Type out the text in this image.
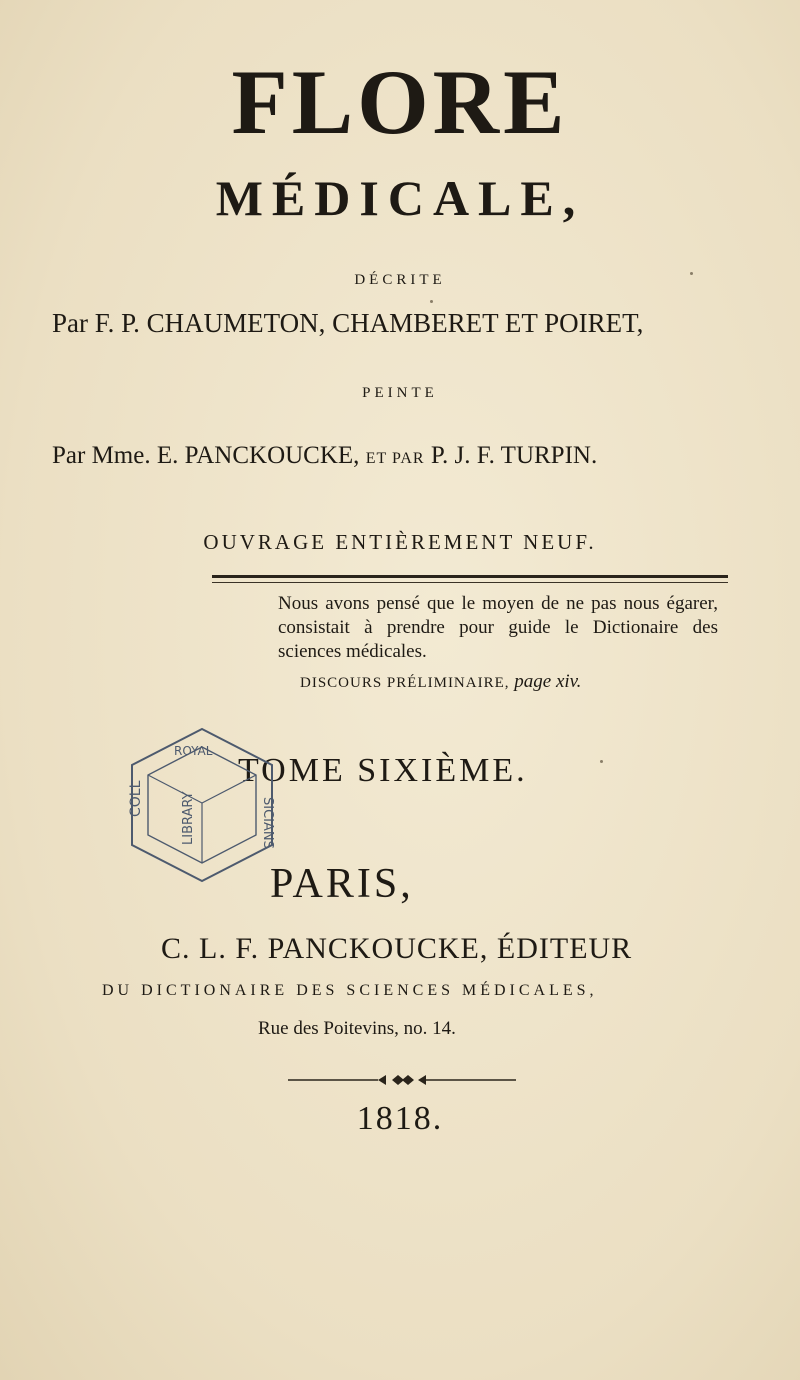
FLORE
MÉDICALE,
DÉCRITE
Par F. P. CHAUMETON, CHAMBERET ET POIRET,
PEINTE
Par Mme. E. PANCKOUCKE, ET PAR P. J. F. TURPIN.
OUVRAGE ENTIÈREMENT NEUF.
Nous avons pensé que le moyen de ne pas nous égarer, consistait à prendre pour guide le Dictionaire des sciences médicales.
DISCOURS PRÉLIMINAIRE, page xiv.
TOME SIXIÈME.
COLL	LIBRARY	SICIANS
ROYAL
PARIS,
C. L. F. PANCKOUCKE, ÉDITEUR
DU DICTIONAIRE DES SCIENCES MÉDICALES,
Rue des Poitevins, no. 14.
1818.
